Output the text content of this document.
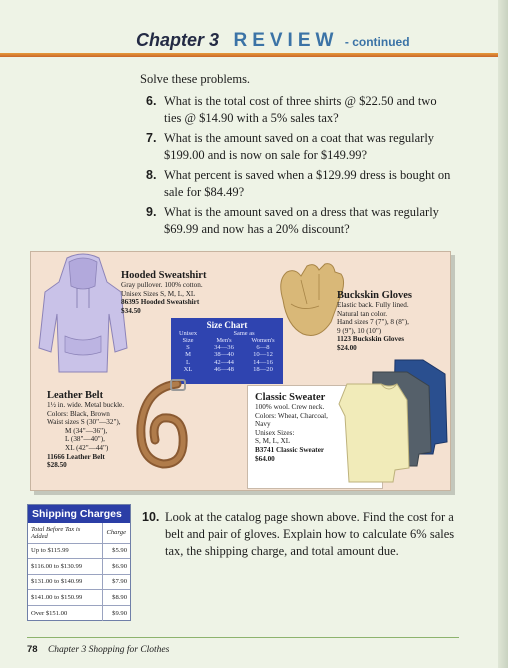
Chapter 3 REVIEW - continued
Solve these problems.
6. What is the total cost of three shirts @ $22.50 and two ties @ $14.90 with a 5% sales tax?
7. What is the amount saved on a coat that was regularly $199.00 and is now on sale for $149.99?
8. What percent is saved when a $129.99 dress is bought on sale for $84.49?
9. What is the amount saved on a dress that was regularly $69.99 and now has a 20% discount?
Hooded Sweatshirt
Gray pullover. 100% cotton.
Unisex Sizes S, M, L, XL
86395 Hooded Sweatshirt
$34.50
Size Chart
Unisex	Same as
Size	Men's	Women's
S	34—36	6—8
M	38—40	10—12
L	42—44	14—16
XL	46—48	18—20
Buckskin Gloves
Elastic back. Fully lined.
Natural tan color.
Hand sizes 7 (7"), 8 (8"),
9 (9"), 10 (10")
1123 Buckskin Gloves
$24.00
Leather Belt
1½ in. wide. Metal buckle.
Colors: Black, Brown
Waist sizes S (30"—32"),
M (34"—36"),
L (38"—40"),
XL (42"—44")
11666 Leather Belt
$28.50
Classic Sweater
100% wool. Crew neck.
Colors: Wheat, Charcoal,
Navy
Unisex Sizes:
S, M, L, XL
B3741 Classic Sweater
$64.00
Shipping Charges
Total Before Tax is Added	Charge
Up to $115.99	$5.90
$116.00 to $130.99	$6.90
$131.00 to $140.99	$7.90
$141.00 to $150.99	$8.90
Over $151.00	$9.90
10. Look at the catalog page shown above. Find the cost for a belt and pair of gloves. Explain how to calculate 6% sales tax, the shipping charge, and total amount due.
78 Chapter 3 Shopping for Clothes
